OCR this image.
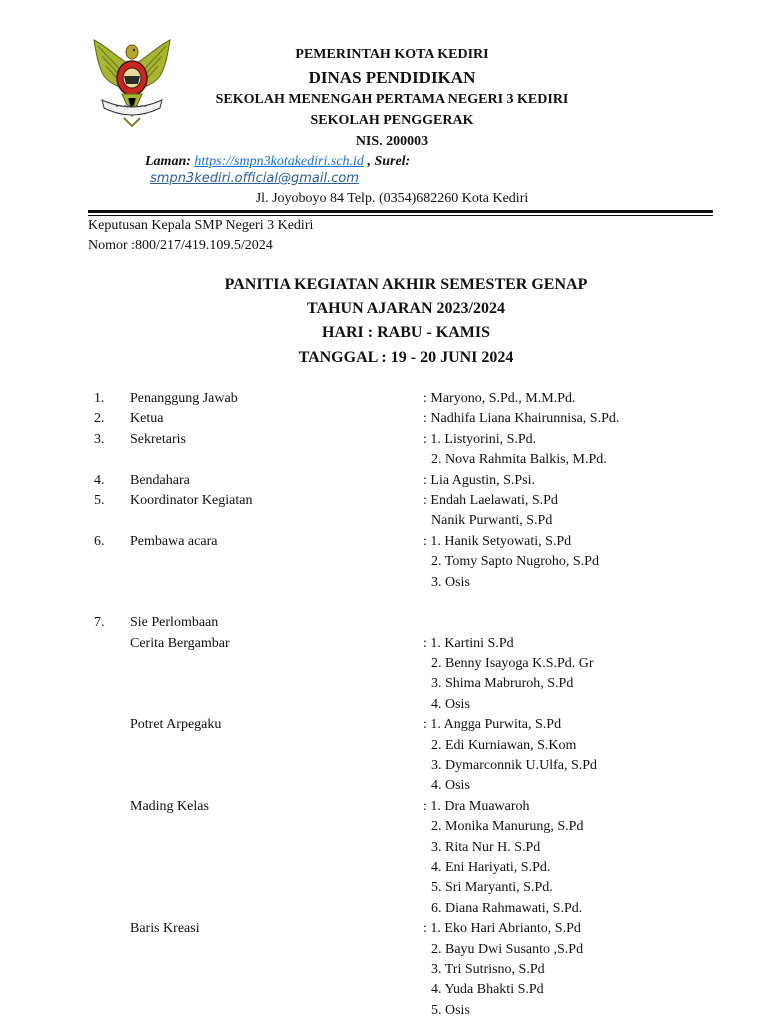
PEMERINTAH KOTA KEDIRI
DINAS PENDIDIKAN
SEKOLAH MENENGAH PERTAMA NEGERI 3 KEDIRI
SEKOLAH PENGGERAK
NIS. 200003
Laman: https://smpn3kotakediri.sch.id , Surel:
smpn3kediri.official@gmail.com
Jl. Joyoboyo 84 Telp. (0354)682260 Kota Kediri
Keputusan Kepala SMP Negeri 3 Kediri
Nomor :800/217/419.109.5/2024
PANITIA KEGIATAN AKHIR SEMESTER GENAP
TAHUN AJARAN 2023/2024
HARI : RABU - KAMIS
TANGGAL : 19 - 20 JUNI 2024
1. Penanggung Jawab	: Maryono, S.Pd., M.M.Pd.
2. Ketua	: Nadhifa Liana Khairunnisa, S.Pd.
3. Sekretaris	: 1. Listyorini, S.Pd.
2. Nova Rahmita Balkis, M.Pd.
4. Bendahara	: Lia Agustin, S.Psi.
5. Koordinator Kegiatan	: Endah Laelawati, S.Pd
Nanik Purwanti, S.Pd
6. Pembawa acara	: 1. Hanik Setyowati, S.Pd
2. Tomy Sapto Nugroho, S.Pd
3. Osis
7. Sie Perlombaan
Cerita Bergambar	: 1. Kartini S.Pd
2. Benny Isayoga K.S.Pd. Gr
3. Shima Mabruroh, S.Pd
4. Osis
Potret Arpegaku	: 1. Angga Purwita, S.Pd
2. Edi Kurniawan, S.Kom
3. Dymarconnik U.Ulfa, S.Pd
4. Osis
Mading Kelas	: 1. Dra Muawaroh
2. Monika Manurung, S.Pd
3. Rita Nur H. S.Pd
4. Eni Hariyati, S.Pd.
5. Sri Maryanti, S.Pd.
6. Diana Rahmawati, S.Pd.
Baris Kreasi	: 1. Eko Hari Abrianto, S.Pd
2. Bayu Dwi Susanto ,S.Pd
3. Tri Sutrisno, S.Pd
4. Yuda Bhakti S.Pd
5. Osis
